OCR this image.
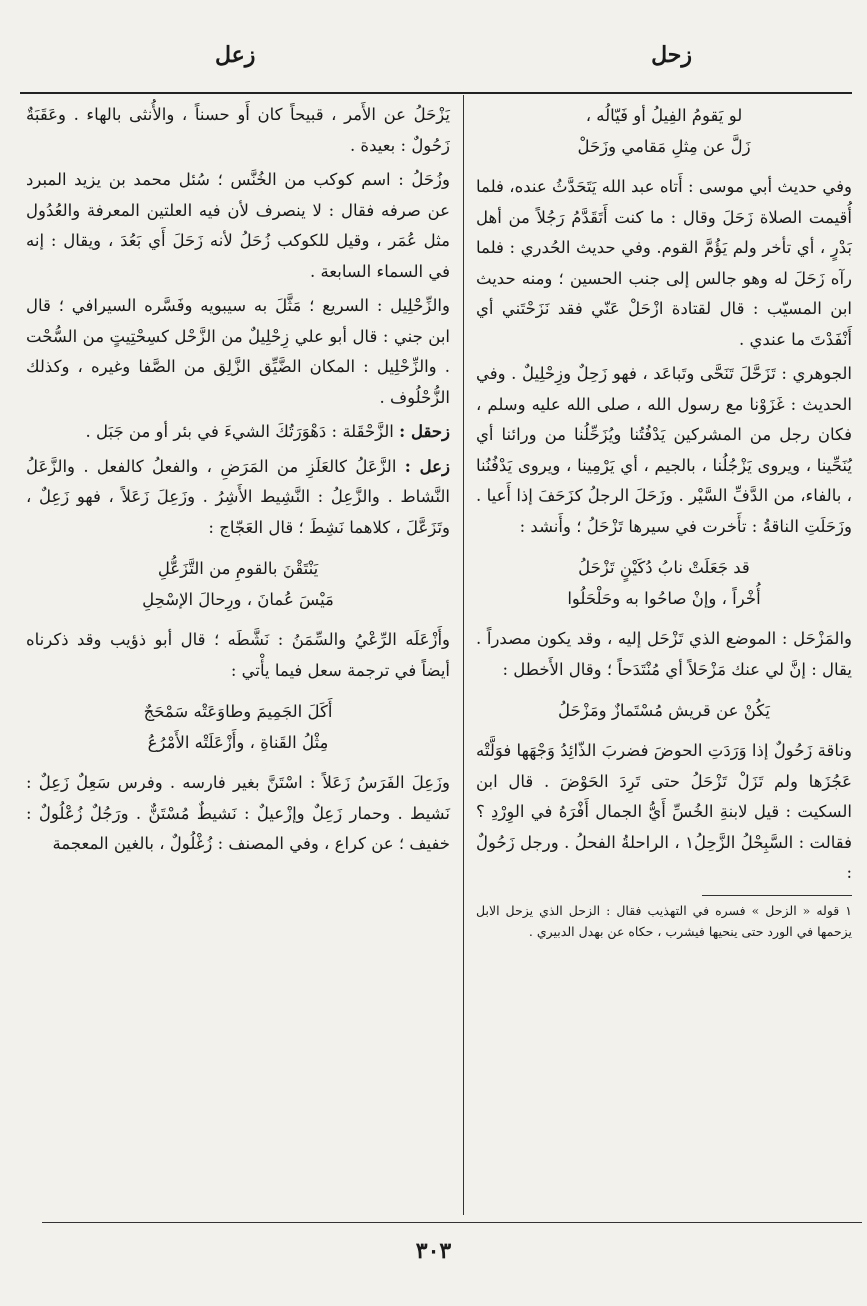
زحل
زعل

لو يَقومُ الفِيلُ أو فَيّالُه ،

زَلَّ عن مِثلِ مَقامي وزَحَلْ

وفي حديث أبي موسى : أَتاه عبد الله يَتَحَدَّثُ عنده، فلما أُقيمت الصلاة زَحَلَ وقال : ما كنت أَتَقَدَّمُ رَجُلاً من أهل بَدْرٍ ، أي تأخر ولم يَؤُمَّ القوم. وفي حديث الحُدري : فلما رآه زَحَلَ له وهو جالس إلى جنب الحسين ؛ ومنه حديث ابن المسيّب : قال لقتادة ازْحَلْ عَنّي فقد نَزَحْتَني أي أَنْفَدْتَ ما عندي .

الجوهري : تَزَحَّلَ تَنَحَّى وتَباعَد ، فهو زَحِلٌ وزِحْلِيلٌ . وفي الحديث : غَزَوْنا مع رسول الله ، صلى الله عليه وسلم ، فكان رجل من المشركين يَدْفُتُنا ويُزَحِّلُنا من ورائنا أي يُنَحِّينا ، ويروى يَزْجُلُنا ، بالجيم ، أي يَرْمِينا ، ويروى يَدْفُنُنا ، بالفاء، من الدَّفِّ السَّيْر . وزَحَلَ الرجلُ كزَحَفَ إذا أَعيا . وزَحَلَتِ الناقةُ : تأَخرت في سيرها تَزْحَلُ ؛ وأَنشد :

قد جَعَلَتْ نابُ دُكَيْنٍ تَزْحَلُ

أُخْراً ، وإنْ صاحُوا به وحَلْحَلُوا

والمَزْحَل : الموضع الذي تَزْحَل إليه ، وقد يكون مصدراً . يقال : إنَّ لي عنك مَزْحَلاً أي مُنْتَدَحاً ؛ وقال الأَخطل :

يَكُنْ عن قريش مُسْتَمازٌ ومَزْحَلُ

وناقة زَحُولٌ إذا وَرَدَتِ الحوضَ فضربَ الذّائِدُ وَجْهَها فوَلَّتْه عَجُزَها ولم تَزَلْ تَزْحَلُ حتى تَرِدَ الحَوْضَ . قال ابن السكيت : قيل لابنةِ الخُسِّ أَيُّ الجمال أَفْرَهُ في الوِرْدِ ؟ فقالت : السَّبِحْلُ الزَّحِلُ١ ، الراحلةُ الفحلُ . ورجل زَحُولٌ :

١ قوله « الزحل » فسره في التهذيب فقال : الزحل الذي يزحل الابل يزحمها في الورد حتى ينحيها فيشرب ، حكاه عن بهدل الدبيري .

يَزْحَلُ عن الأَمر ، قبيحاً كان أَو حسناً ، والأُنثى بالهاء . وعَقَبَةٌ زَحُولٌ : بعيدة .

وزُحَلُ : اسم كوكب من الخُنَّس ؛ سُئل محمد بن يزيد المبرد عن صرفه فقال : لا ينصرف لأن فيه العلتين المعرفة والعُدُول مثل عُمَر ، وقيل للكوكب زُحَلُ لأنه زَحَلَ أَي بَعُدَ ، ويقال : إنه في السماء السابعة .

والزِّحْلِيل : السريع ؛ مَثَّلَ به سيبويه وفَسَّره السيرافي ؛ قال ابن جني : قال أبو علي زِحْلِيلٌ من الزَّحْل كسِحْتِيتٍ من السُّحْت . والزِّحْلِيل : المكان الضَّيِّق الزَّلِق من الصَّفا وغيره ، وكذلك الزُّحْلُوف .

زحقل : الزَّحْقَلة : دَهْوَرَتُكَ الشيءَ في بئر أو من جَبَل .

زعل : الزَّعَلُ كالعَلَزِ من المَرَضِ ، والفعلُ كالفعل . والزَّعَلُ النَّشاط . والزَّعِلُ : النَّشِيط الأَشِرُ . وزَعِلَ زَعَلاً ، فهو زَعِلٌ ، وتَزَعَّلَ ، كلاهما نَشِطَ ؛ قال العَجّاج :

يَنْتَقْنَ بالقومِ من التَّزَعُّلِ

مَيْسَ عُمانَ ، ورِحالَ الإسْحِلِ

وأَزْعَلَه الرِّعْيُ والسِّمَنُ : نَشَّطَه ؛ قال أبو ذؤيب وقد ذكرناه أيضاً في ترجمة سعل فيما يأْتي :

أَكَلَ الجَمِيمَ وطاوَعَتْه سَمْحَجٌ

مِثْلُ القَناةِ ، وأَزْعَلَتْه الأَمْرُعُ

وزَعِلَ الفَرَسُ زَعَلاً : اسْتَنَّ بغير فارسه . وفرس سَعِلٌ زَعِلٌ : نَشيط . وحمار زَعِلٌ وإزْعيلٌ : نَشيطٌ مُسْتَنٌّ . ورَجُلٌ زُعْلُولٌ : خفيف ؛ عن كراع ، وفي المصنف : زُغْلُولٌ ، بالغين المعجمة

٣٠٣
